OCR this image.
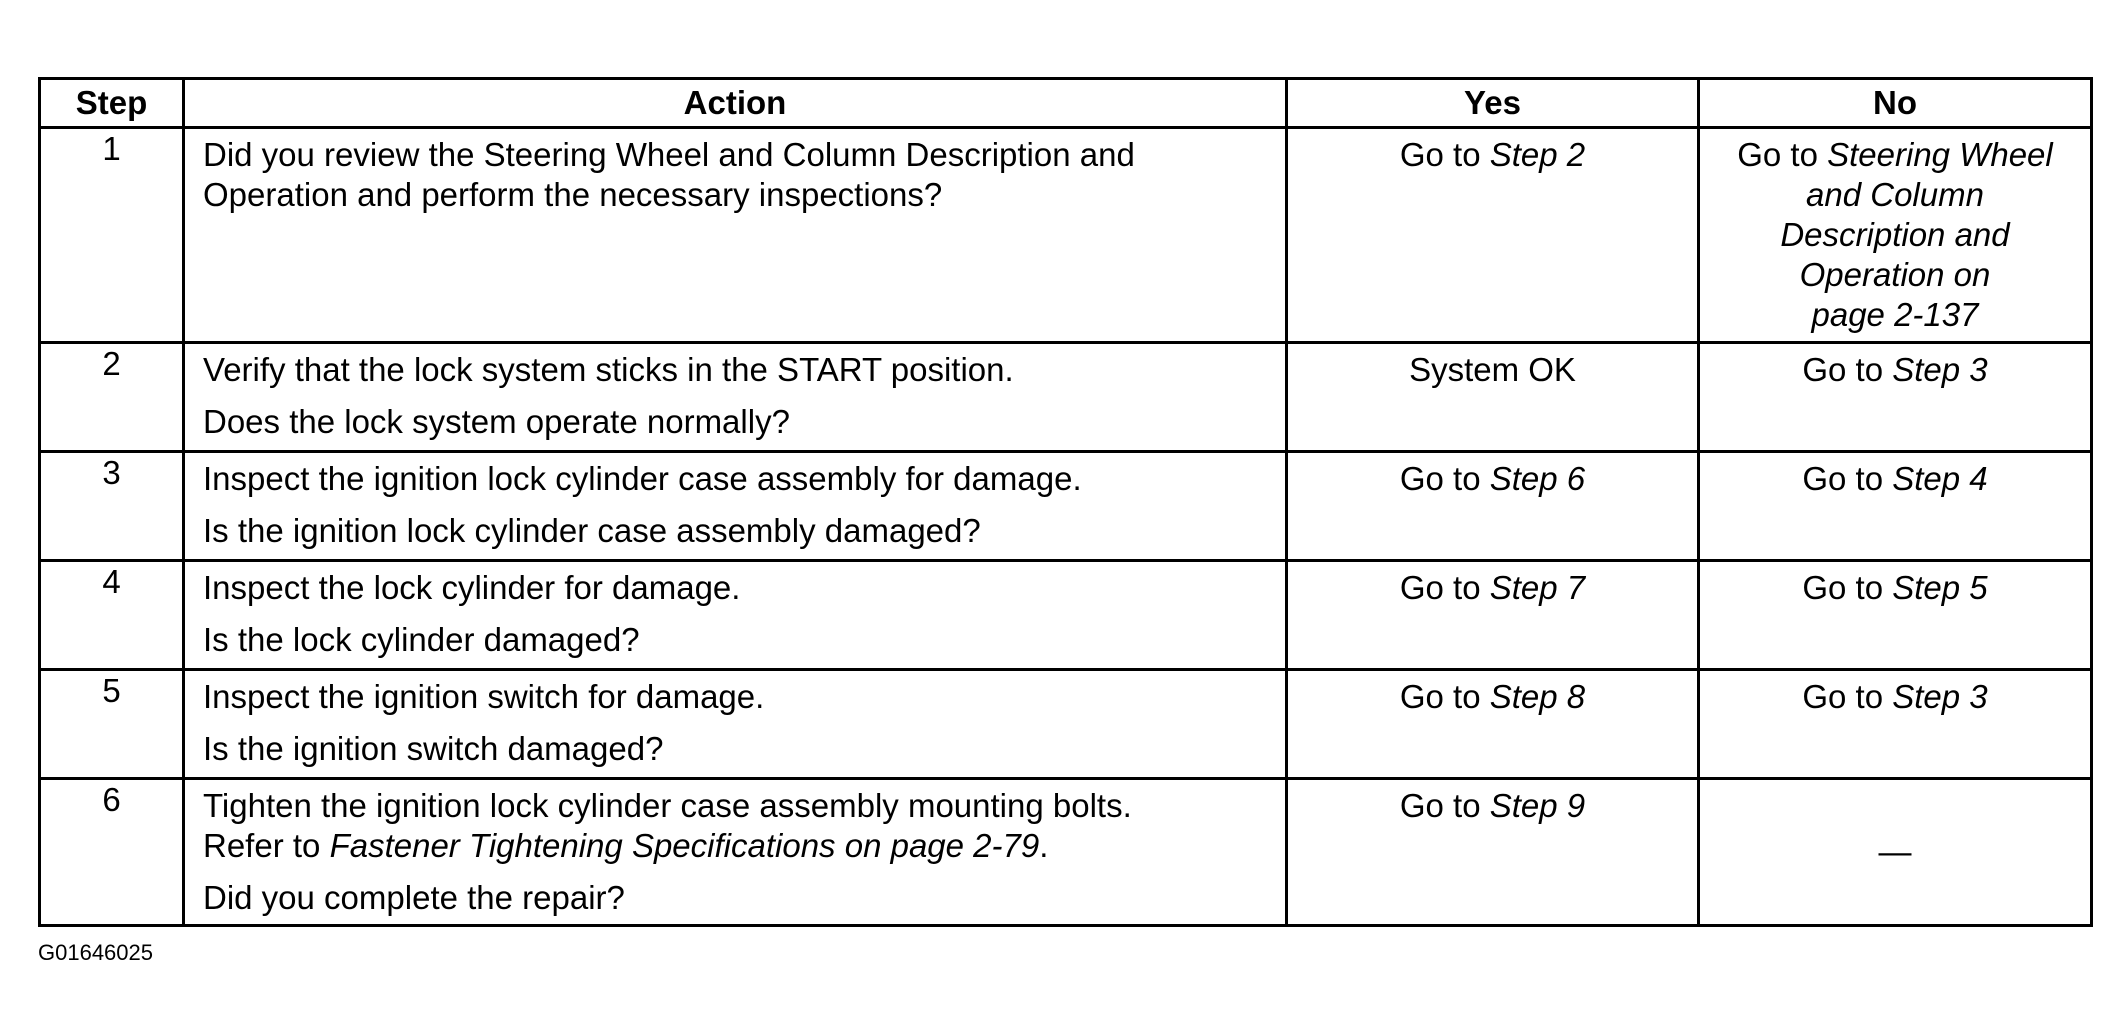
Step	Action	Yes	No
1	Did you review the Steering Wheel and Column Description and
Operation and perform the necessary inspections?	Go to Step 2	Go to Steering Wheel
and Column
Description and
Operation on
page 2-137

2	Verify that the lock system sticks in the START position.
Does the lock system operate normally?	System OK	Go to Step 3
3	Inspect the ignition lock cylinder case assembly for damage.
Is the ignition lock cylinder case assembly damaged?	Go to Step 6	Go to Step 4
4	Inspect the lock cylinder for damage.
Is the lock cylinder damaged?	Go to Step 7	Go to Step 5
5	Inspect the ignition switch for damage.
Is the ignition switch damaged?	Go to Step 8	Go to Step 3
6	Tighten the ignition lock cylinder case assembly mounting bolts.
Refer to Fastener Tightening Specifications on page 2-79.
Did you complete the repair?	Go to Step 9	—
G01646025
